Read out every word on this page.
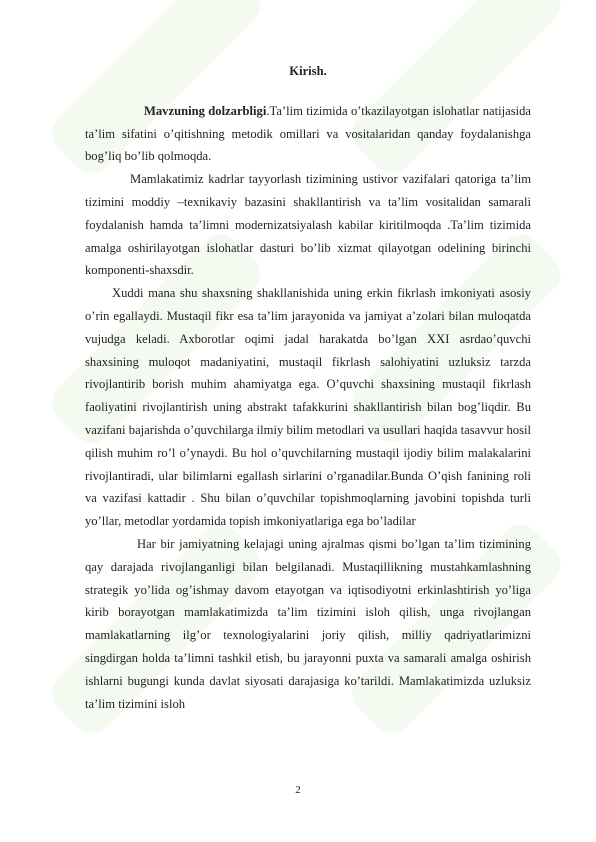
Kirish.

Mavzuning dolzarbligi.Ta’lim tizimida o’tkazilayotgan islohatlar natijasida ta’lim sifatini o’qitishning metodik omillari va vositalaridan qanday foydalanishga bog’liq bo’lib qolmoqda.

Mamlakatimiz kadrlar tayyorlash tizimining ustivor vazifalari qatoriga ta’lim tizimini moddiy –texnikaviy bazasini shakllantirish va ta’lim vositalidan samarali foydalanish hamda ta’limni modernizatsiyalash kabilar kiritilmoqda .Ta’lim tizimida amalga oshirilayotgan islohatlar dasturi bo’lib xizmat qilayotgan odelining birinchi komponenti-shaxsdir.

Xuddi mana shu shaxsning shakllanishida uning erkin fikrlash imkoniyati asosiy o’rin egallaydi. Mustaqil fikr esa ta’lim jarayonida va jamiyat a’zolari bilan muloqatda vujudga keladi. Axborotlar oqimi jadal harakatda bo’lgan XXI asrdao’quvchi shaxsining muloqot madaniyatini, mustaqil fikrlash salohiyatini uzluksiz tarzda rivojlantirib borish muhim ahamiyatga ega. O’quvchi shaxsining mustaqil fikrlash faoliyatini rivojlantirish uning abstrakt tafakkurini shakllantirish bilan bog’liqdir. Bu vazifani bajarishda o’quvchilarga ilmiy bilim metodlari va usullari haqida tasavvur hosil qilish muhim ro’l o’ynaydi. Bu hol o’quvchilarning mustaqil ijodiy bilim malakalarini rivojlantiradi, ular bilimlarni egallash sirlarini o’rganadilar.Bunda O’qish fanining roli va vazifasi kattadir . Shu bilan o’quvchilar topishmoqlarning javobini topishda turli yo’llar, metodlar yordamida topish imkoniyatlariga ega bo’ladilar

Har bir jamiyatning kelajagi uning ajralmas qismi bo’lgan ta’lim tizimining qay darajada rivojlanganligi bilan belgilanadi. Mustaqillikning mustahkamlashning strategik yo’lida og’ishmay davom etayotgan va iqtisodiyotni erkinlashtirish yo’liga kirib borayotgan mamlakatimizda ta’lim tizimini isloh qilish, unga rivojlangan mamlakatlarning ilg’or texnologiyalarini joriy qilish, milliy qadriyatlarimizni singdirgan holda ta’limni tashkil etish, bu jarayonni puxta va samarali amalga oshirish ishlarni bugungi kunda davlat siyosati darajasiga ko’tarildi. Mamlakatimizda uzluksiz ta’lim tizimini isloh

2
